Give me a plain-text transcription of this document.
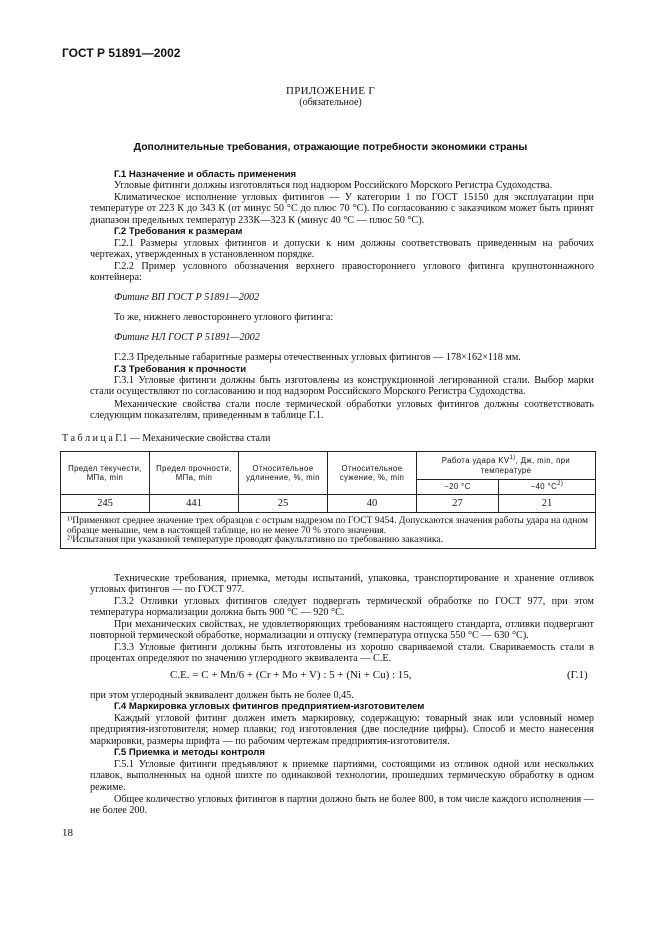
ГОСТ Р 51891—2002
ПРИЛОЖЕНИЕ Г
(обязательное)
Дополнительные требования, отражающие потребности экономики страны
Г.1 Назначение и область применения

Угловые фитинги должны изготовляться под надзором Российского Морского Регистра Судоходства.

Климатическое исполнение угловых фитингов — У категории 1 по ГОСТ 15150 для эксплуатации при температуре от 223 К до 343 К (от минус 50 °С до плюс 70 °С). По согласованию с заказчиком может быть принят диапазон предельных температур 233К—323 К (минус 40 °С — плюс 50 °С).

Г.2 Требования к размерам

Г.2.1 Размеры угловых фитингов и допуски к ним должны соответствовать приведенным на рабочих чертежах, утвержденных в установленном порядке.

Г.2.2 Пример условного обозначения верхнего правостороннего углового фитинга крупнотоннажного контейнера:

Фитинг ВП ГОСТ Р 51891—2002

То же, нижнего левостороннего углового фитинга:

Фитинг НЛ ГОСТ Р 51891—2002

Г.2.3 Предельные габаритные размеры отечественных угловых фитингов — 178×162×118 мм.

Г.3 Требования к прочности

Г.3.1 Угловые фитинги должны быть изготовлены из конструкционной легированной стали. Выбор марки стали осуществляют по согласованию и под надзором Российского Морского Регистра Судоходства.

Механические свойства стали после термической обработки угловых фитингов должны соответствовать следующим показателям, приведенным в таблице Г.1.

Т а б л и ц а Г.1 — Механические свойства стали
Предел текучести, МПа, min	Предел прочности, МПа, min	Относительное удлинение, %, min	Относительное сужение, %, min	Работа удара KV$^{1)}$, Дж, min, при температуре	
				−20 °С	−40 $^\circ С^{2)}$
245	441	25	40	27	21

¹⁾Применяют среднее значение трех образцов с острым надрезом по ГОСТ 9454. Допускаются значения работы удара на одном образце меньшие, чем в настоящей таблице, но не менее 70 % этого значения.
²⁾Испытания при указанной температуре проводят факультативно по требованию заказчика.					

Технические требования, приемка, методы испытаний, упаковка, транспортирование и хранение отливок угловых фитингов — по ГОСТ 977.

Г.3.2 Отливки угловых фитингов следует подвергать термической обработке по ГОСТ 977, при этом температура нормализации должна быть 900 °С — 920 °С.

При механических свойствах, не удовлетворяющих требованиям настоящего стандарта, отливки подвергают повторной термической обработке, нормализации и отпуску (температура отпуска 550 °С — 630 °С).

Г.3.3 Угловые фитинги должны быть изготовлены из хорошо свариваемой стали. Свариваемость стали в процентах определяют по значению углеродного эквивалента — С.Е.

С.Е. = С + Mn/6 + (Cr + Mo + V) : 5 + (Ni + Cu) : 15,	(Г.1)

при этом углеродный эквивалент должен быть не более 0,45.

Г.4 Маркировка угловых фитингов предприятием-изготовителем

Каждый угловой фитинг должен иметь маркировку, содержащую: товарный знак или условный номер предприятия-изготовителя; номер плавки; год изготовления (две последние цифры). Способ и место нанесения маркировки, размеры шрифта — по рабочим чертежам предприятия-изготовителя.

Г.5 Приемка и методы контроля

Г.5.1 Угловые фитинги предъявляют к приемке партиями, состоящими из отливок одной или нескольких плавок, выполненных на одной шихте по одинаковой технологии, прошедших термическую обработку в одном режиме.

Общее количество угловых фитингов в партии должно быть не более 800, в том числе каждого исполнения — не более 200.

18
